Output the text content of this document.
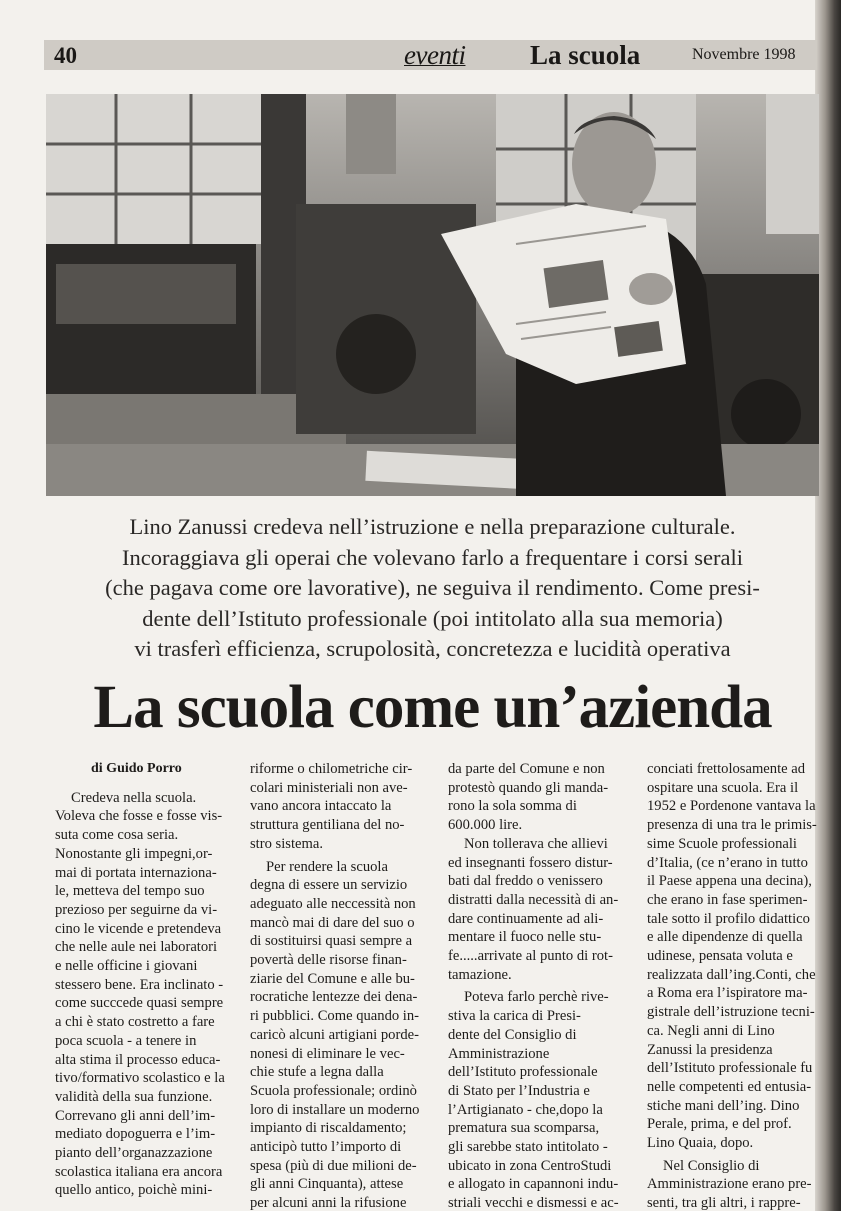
40	eventi La scuola	Novembre 1998
Lino Zanussi credeva nell’istruzione e nella preparazione culturale.
Incoraggiava gli operai che volevano farlo a frequentare i corsi serali
(che pagava come ore lavorative), ne seguiva il rendimento. Come presi-
dente dell’Istituto professionale (poi intitolato alla sua memoria)
vi trasferì efficienza, scrupolosità, concretezza e lucidità operativa
La scuola come un’azienda
di Guido Porro
Credeva nella scuola.
Voleva che fosse e fosse vis-
suta come cosa seria.
Nonostante gli impegni,or-
mai di portata internaziona-
le, metteva del tempo suo
prezioso per seguirne da vi-
cino le vicende e pretendeva
che nelle aule nei laboratori
e nelle officine i giovani
stessero bene. Era inclinato -
come succcede quasi sempre
a chi è stato costretto a fare
poca scuola - a tenere in
alta stima il processo educa-
tivo/formativo scolastico e la
validità della sua funzione.
Correvano gli anni dell’im-
mediato dopoguerra e l’im-
pianto dell’organazzazione
scolastica italiana era ancora
quello antico, poichè mini-
riforme o chilometriche cir-
colari ministeriali non ave-
vano ancora intaccato la
struttura gentiliana del no-
stro sistema.
Per rendere la scuola
degna di essere un servizio
adeguato alle neccessità non
mancò mai di dare del suo o
di sostituirsi quasi sempre a
povertà delle risorse finan-
ziarie del Comune e alle bu-
rocratiche lentezze dei dena-
ri pubblici. Come quando in-
caricò alcuni artigiani porde-
nonesi di eliminare le vec-
chie stufe a legna dalla
Scuola professionale; ordinò
loro di installare un moderno
impianto di riscaldamento;
anticipò tutto l’importo di
spesa (più di due milioni de-
gli anni Cinquanta), attese
per alcuni anni la rifusione
da parte del Comune e non
protestò quando gli manda-
rono la sola somma di
600.000 lire.
Non tollerava che allievi
ed insegnanti fossero distur-
bati dal freddo o venissero
distratti dalla necessità di an-
dare continuamente ad ali-
mentare il fuoco nelle stu-
fe.....arrivate al punto di rot-
tamazione.
Poteva farlo perchè rive-
stiva la carica di Presi-
dente del Consiglio di
Amministrazione
dell’Istituto professionale
di Stato per l’Industria e
l’Artigianato - che,dopo la
prematura sua scomparsa,
gli sarebbe stato intitolato -
ubicato in zona CentroStudi
e allogato in capannoni indu-
striali vecchi e dismessi e ac-
conciati frettolosamente ad
ospitare una scuola. Era il
1952 e Pordenone vantava la
presenza di una tra le primis-
sime Scuole professionali
d’Italia, (ce n’erano in tutto
il Paese appena una decina),
che erano in fase sperimen-
tale sotto il profilo didattico
e alle dipendenze di quella
udinese, pensata voluta e
realizzata dall’ing.Conti, che
a Roma era l’ispiratore ma-
gistrale dell’istruzione tecni-
ca. Negli anni di Lino
Zanussi la presidenza
dell’Istituto professionale fu
nelle competenti ed entusia-
stiche mani dell’ing. Dino
Perale, prima, e del prof.
Lino Quaia, dopo.
Nel Consiglio di
Amministrazione erano pre-
senti, tra gli altri, i rappre-
